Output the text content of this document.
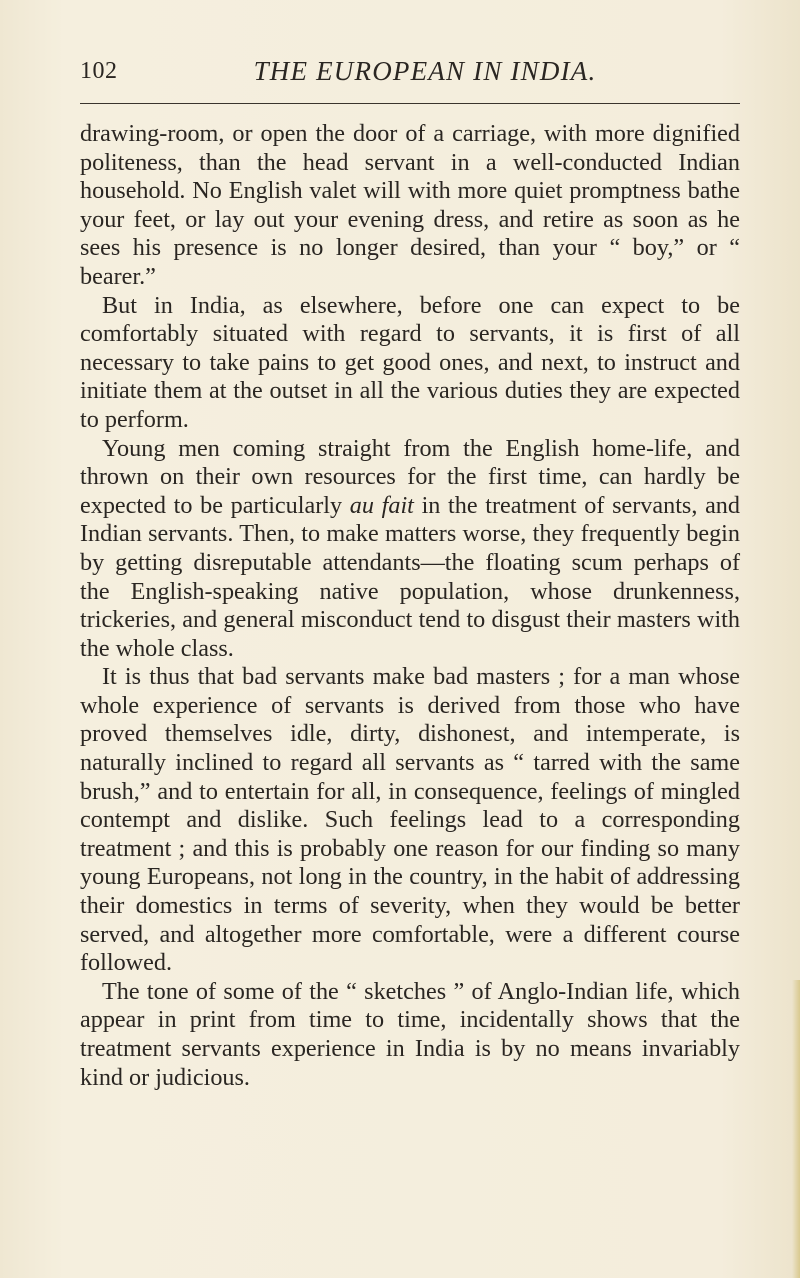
102	THE EUROPEAN IN INDIA.

drawing-room, or open the door of a carriage, with more dignified politeness, than the head servant in a well-conducted Indian household. No English valet will with more quiet promptness bathe your feet, or lay out your evening dress, and retire as soon as he sees his presence is no longer desired, than your “ boy,” or “ bearer.”

But in India, as elsewhere, before one can expect to be comfortably situated with regard to servants, it is first of all necessary to take pains to get good ones, and next, to instruct and initiate them at the outset in all the various duties they are expected to perform.

Young men coming straight from the English home-life, and thrown on their own resources for the first time, can hardly be expected to be particularly au fait in the treatment of servants, and Indian servants. Then, to make matters worse, they frequently begin by getting disreputable attendants—the floating scum perhaps of the English-speaking native population, whose drunkenness, trickeries, and general misconduct tend to disgust their masters with the whole class.

It is thus that bad servants make bad masters ; for a man whose whole experience of servants is derived from those who have proved themselves idle, dirty, dishonest, and intemperate, is naturally inclined to regard all servants as “ tarred with the same brush,” and to entertain for all, in consequence, feelings of mingled contempt and dislike. Such feelings lead to a corresponding treatment ; and this is probably one reason for our finding so many young Europeans, not long in the country, in the habit of addressing their domestics in terms of severity, when they would be better served, and altogether more comfortable, were a different course followed.

The tone of some of the “ sketches ” of Anglo-Indian life, which appear in print from time to time, incidentally shows that the treatment servants experience in India is by no means invariably kind or judicious.
